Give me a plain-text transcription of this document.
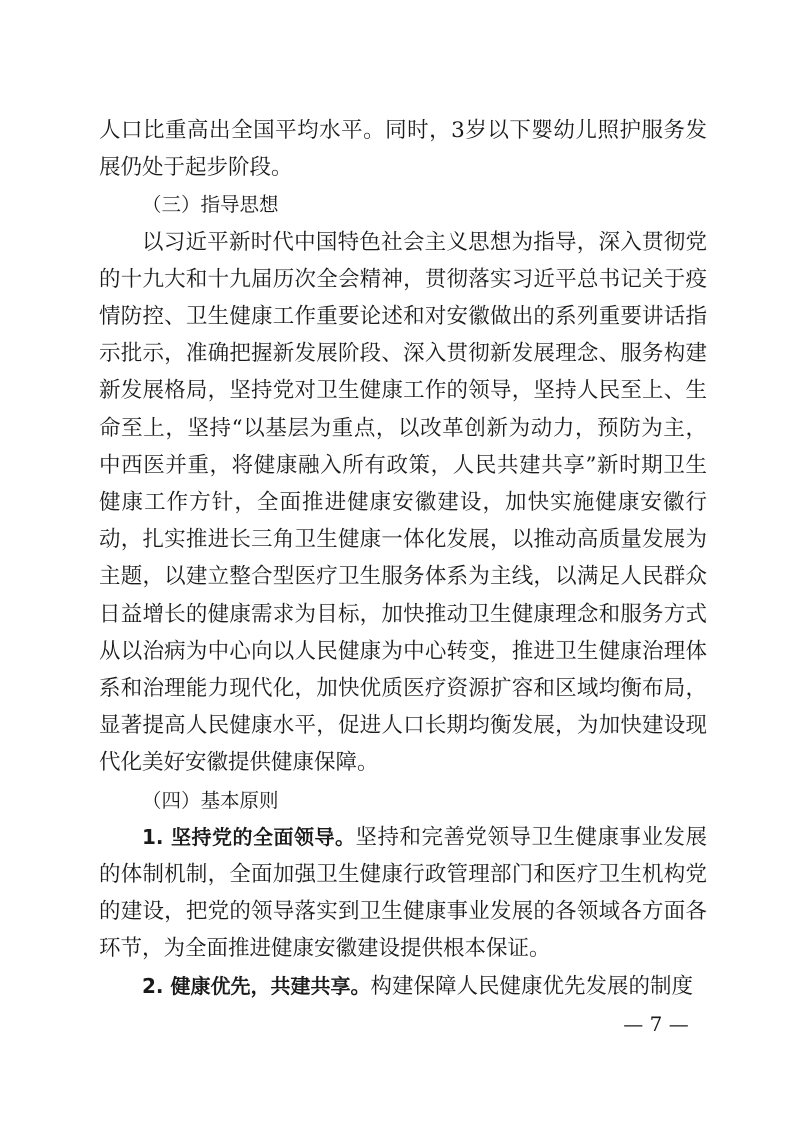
人口比重高出全国平均水平。同时，3岁以下婴幼儿照护服务发展仍处于起步阶段。

（三）指导思想

以习近平新时代中国特色社会主义思想为指导，深入贯彻党的十九大和十九届历次全会精神，贯彻落实习近平总书记关于疫情防控、卫生健康工作重要论述和对安徽做出的系列重要讲话指示批示，准确把握新发展阶段、深入贯彻新发展理念、服务构建新发展格局，坚持党对卫生健康工作的领导，坚持人民至上、生命至上，坚持“以基层为重点，以改革创新为动力，预防为主，中西医并重，将健康融入所有政策，人民共建共享”新时期卫生健康工作方针，全面推进健康安徽建设，加快实施健康安徽行动，扎实推进长三角卫生健康一体化发展，以推动高质量发展为主题，以建立整合型医疗卫生服务体系为主线，以满足人民群众日益增长的健康需求为目标，加快推动卫生健康理念和服务方式从以治病为中心向以人民健康为中心转变，推进卫生健康治理体系和治理能力现代化，加快优质医疗资源扩容和区域均衡布局，显著提高人民健康水平，促进人口长期均衡发展，为加快建设现代化美好安徽提供健康保障。

（四）基本原则

1. 坚持党的全面领导。坚持和完善党领导卫生健康事业发展的体制机制，全面加强卫生健康行政管理部门和医疗卫生机构党的建设，把党的领导落实到卫生健康事业发展的各领域各方面各环节，为全面推进健康安徽建设提供根本保证。

2. 健康优先，共建共享。构建保障人民健康优先发展的制度

— 7 —
